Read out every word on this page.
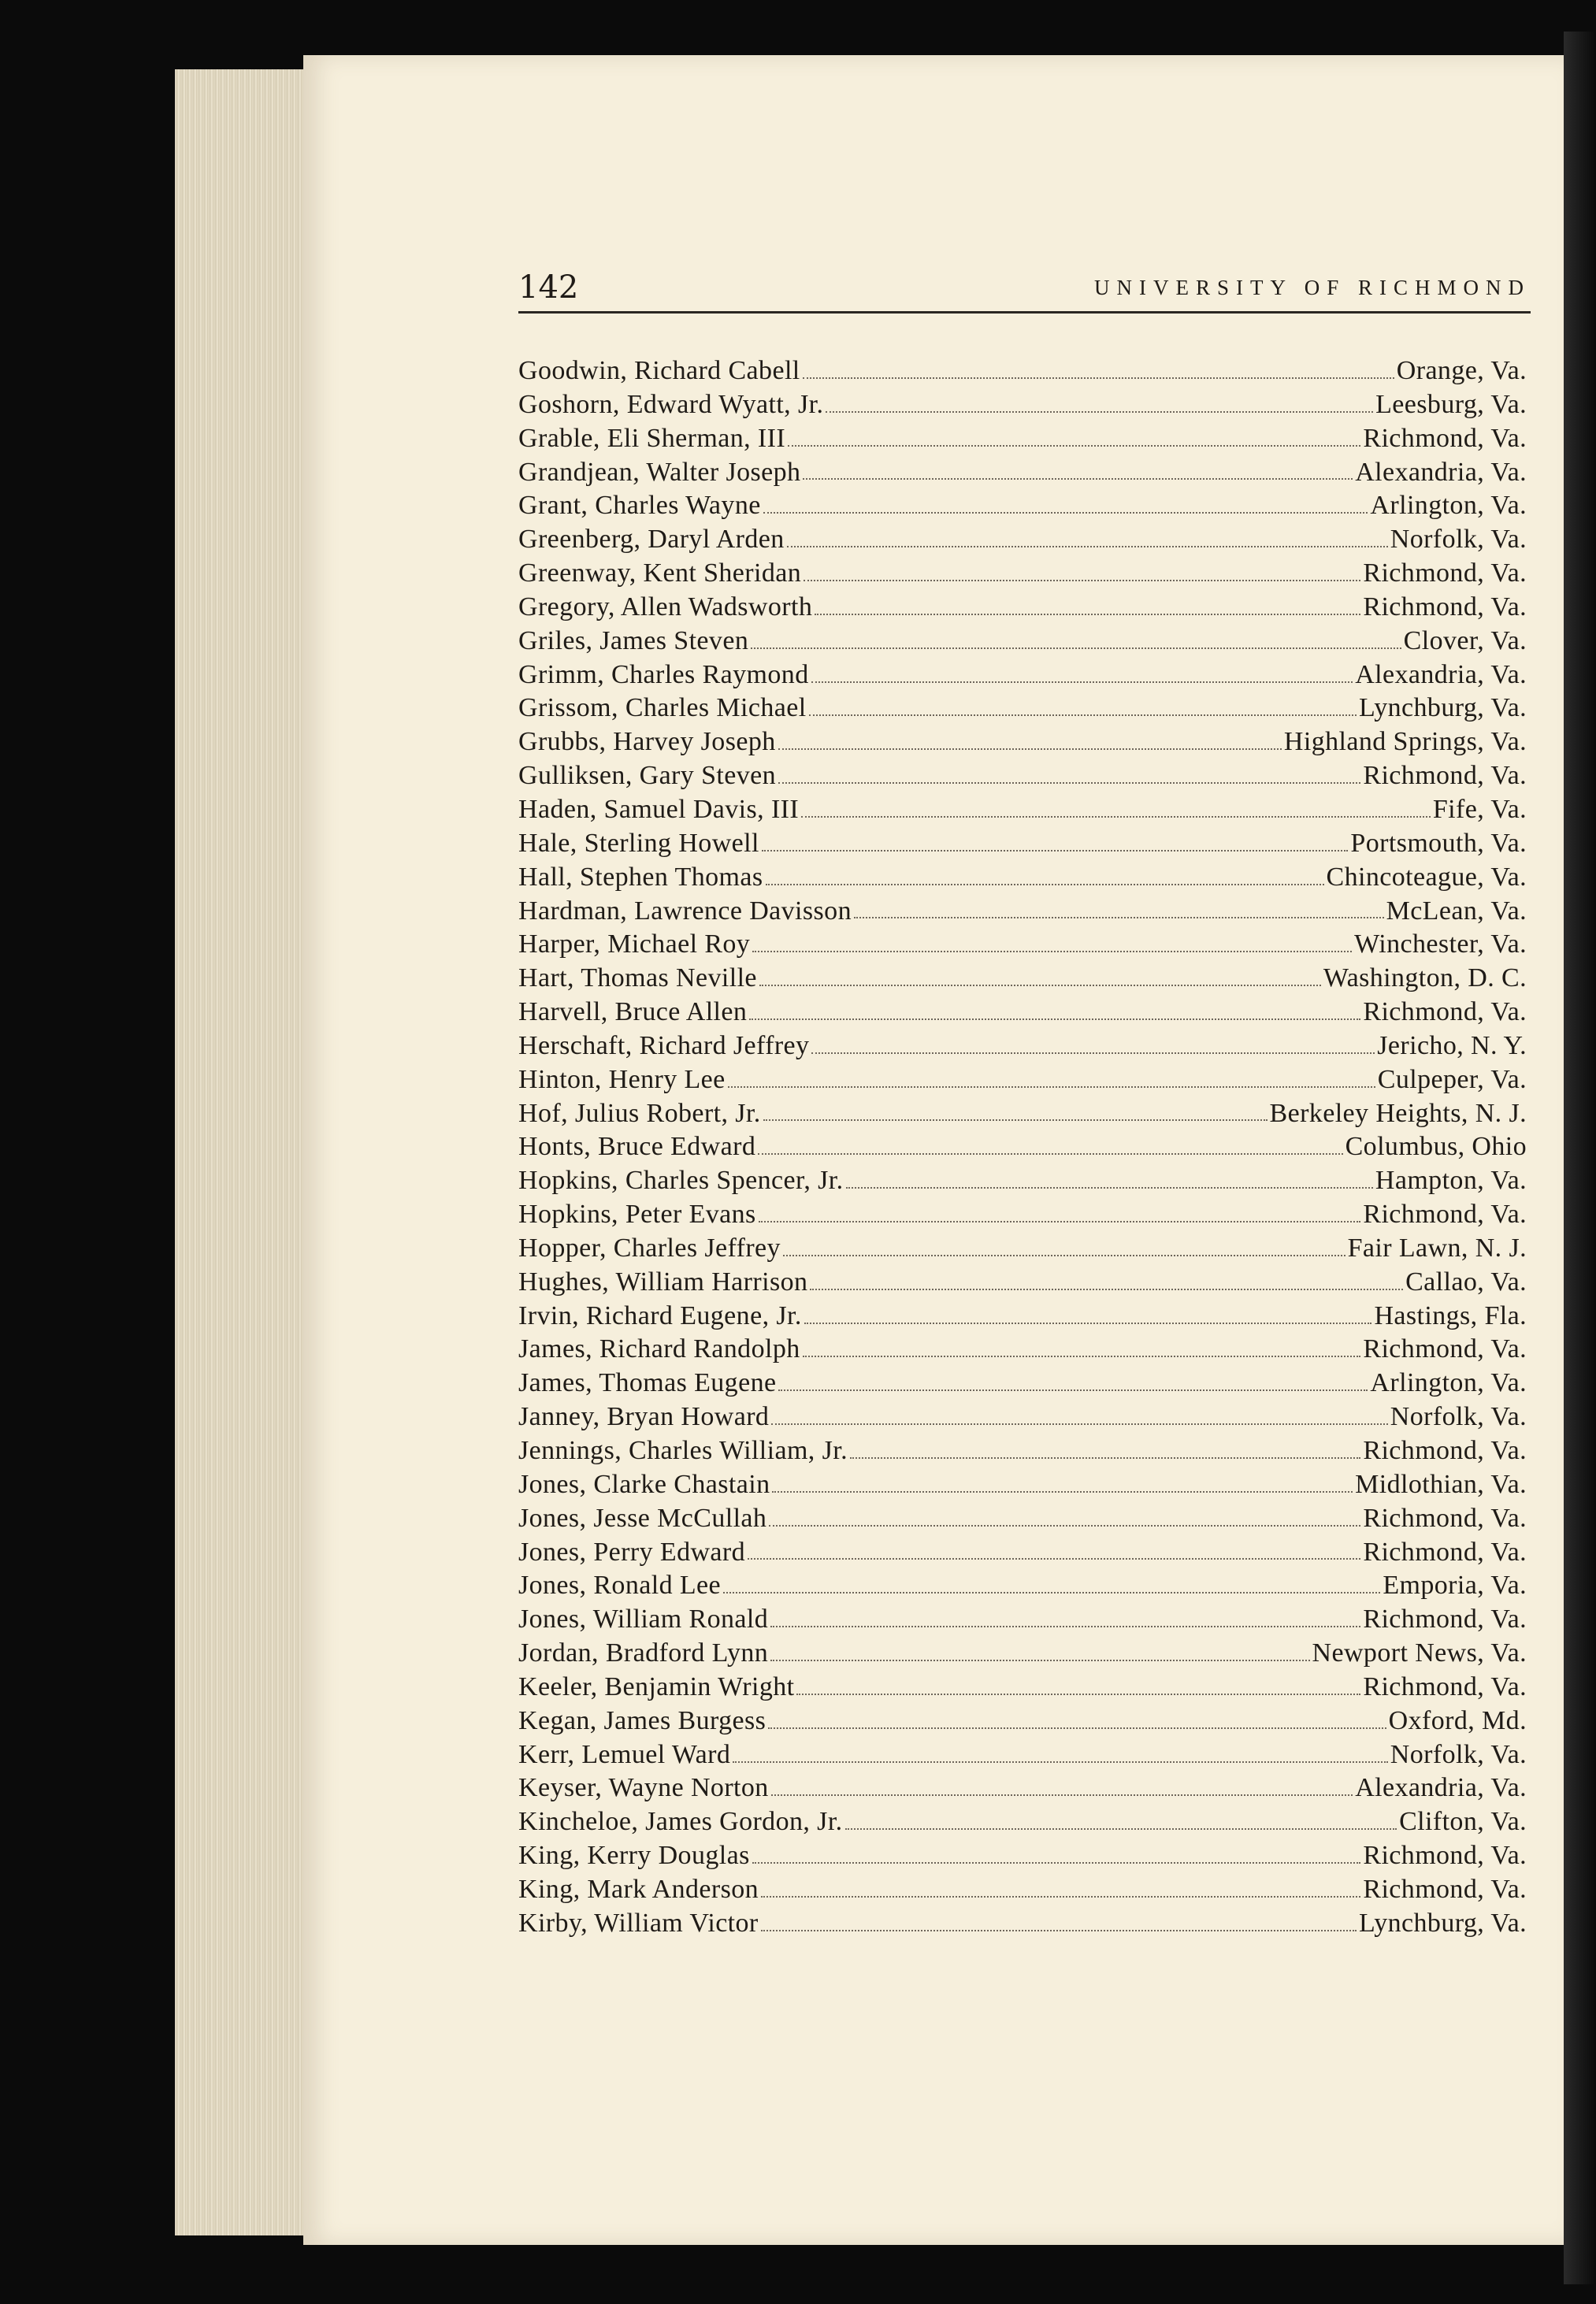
142	UNIVERSITY OF RICHMOND
Goodwin, Richard Cabell	Orange, Va.
Goshorn, Edward Wyatt, Jr.	Leesburg, Va.
Grable, Eli Sherman, III	Richmond, Va.
Grandjean, Walter Joseph	Alexandria, Va.
Grant, Charles Wayne	Arlington, Va.
Greenberg, Daryl Arden	Norfolk, Va.
Greenway, Kent Sheridan	Richmond, Va.
Gregory, Allen Wadsworth	Richmond, Va.
Griles, James Steven	Clover, Va.
Grimm, Charles Raymond	Alexandria, Va.
Grissom, Charles Michael	Lynchburg, Va.
Grubbs, Harvey Joseph	Highland Springs, Va.
Gulliksen, Gary Steven	Richmond, Va.
Haden, Samuel Davis, III	Fife, Va.
Hale, Sterling Howell	Portsmouth, Va.
Hall, Stephen Thomas	Chincoteague, Va.
Hardman, Lawrence Davisson	McLean, Va.
Harper, Michael Roy	Winchester, Va.
Hart, Thomas Neville	Washington, D. C.
Harvell, Bruce Allen	Richmond, Va.
Herschaft, Richard Jeffrey	Jericho, N. Y.
Hinton, Henry Lee	Culpeper, Va.
Hof, Julius Robert, Jr.	Berkeley Heights, N. J.
Honts, Bruce Edward	Columbus, Ohio
Hopkins, Charles Spencer, Jr.	Hampton, Va.
Hopkins, Peter Evans	Richmond, Va.
Hopper, Charles Jeffrey	Fair Lawn, N. J.
Hughes, William Harrison	Callao, Va.
Irvin, Richard Eugene, Jr.	Hastings, Fla.
James, Richard Randolph	Richmond, Va.
James, Thomas Eugene	Arlington, Va.
Janney, Bryan Howard	Norfolk, Va.
Jennings, Charles William, Jr.	Richmond, Va.
Jones, Clarke Chastain	Midlothian, Va.
Jones, Jesse McCullah	Richmond, Va.
Jones, Perry Edward	Richmond, Va.
Jones, Ronald Lee	Emporia, Va.
Jones, William Ronald	Richmond, Va.
Jordan, Bradford Lynn	Newport News, Va.
Keeler, Benjamin Wright	Richmond, Va.
Kegan, James Burgess	Oxford, Md.
Kerr, Lemuel Ward	Norfolk, Va.
Keyser, Wayne Norton	Alexandria, Va.
Kincheloe, James Gordon, Jr.	Clifton, Va.
King, Kerry Douglas	Richmond, Va.
King, Mark Anderson	Richmond, Va.
Kirby, William Victor	Lynchburg, Va.
